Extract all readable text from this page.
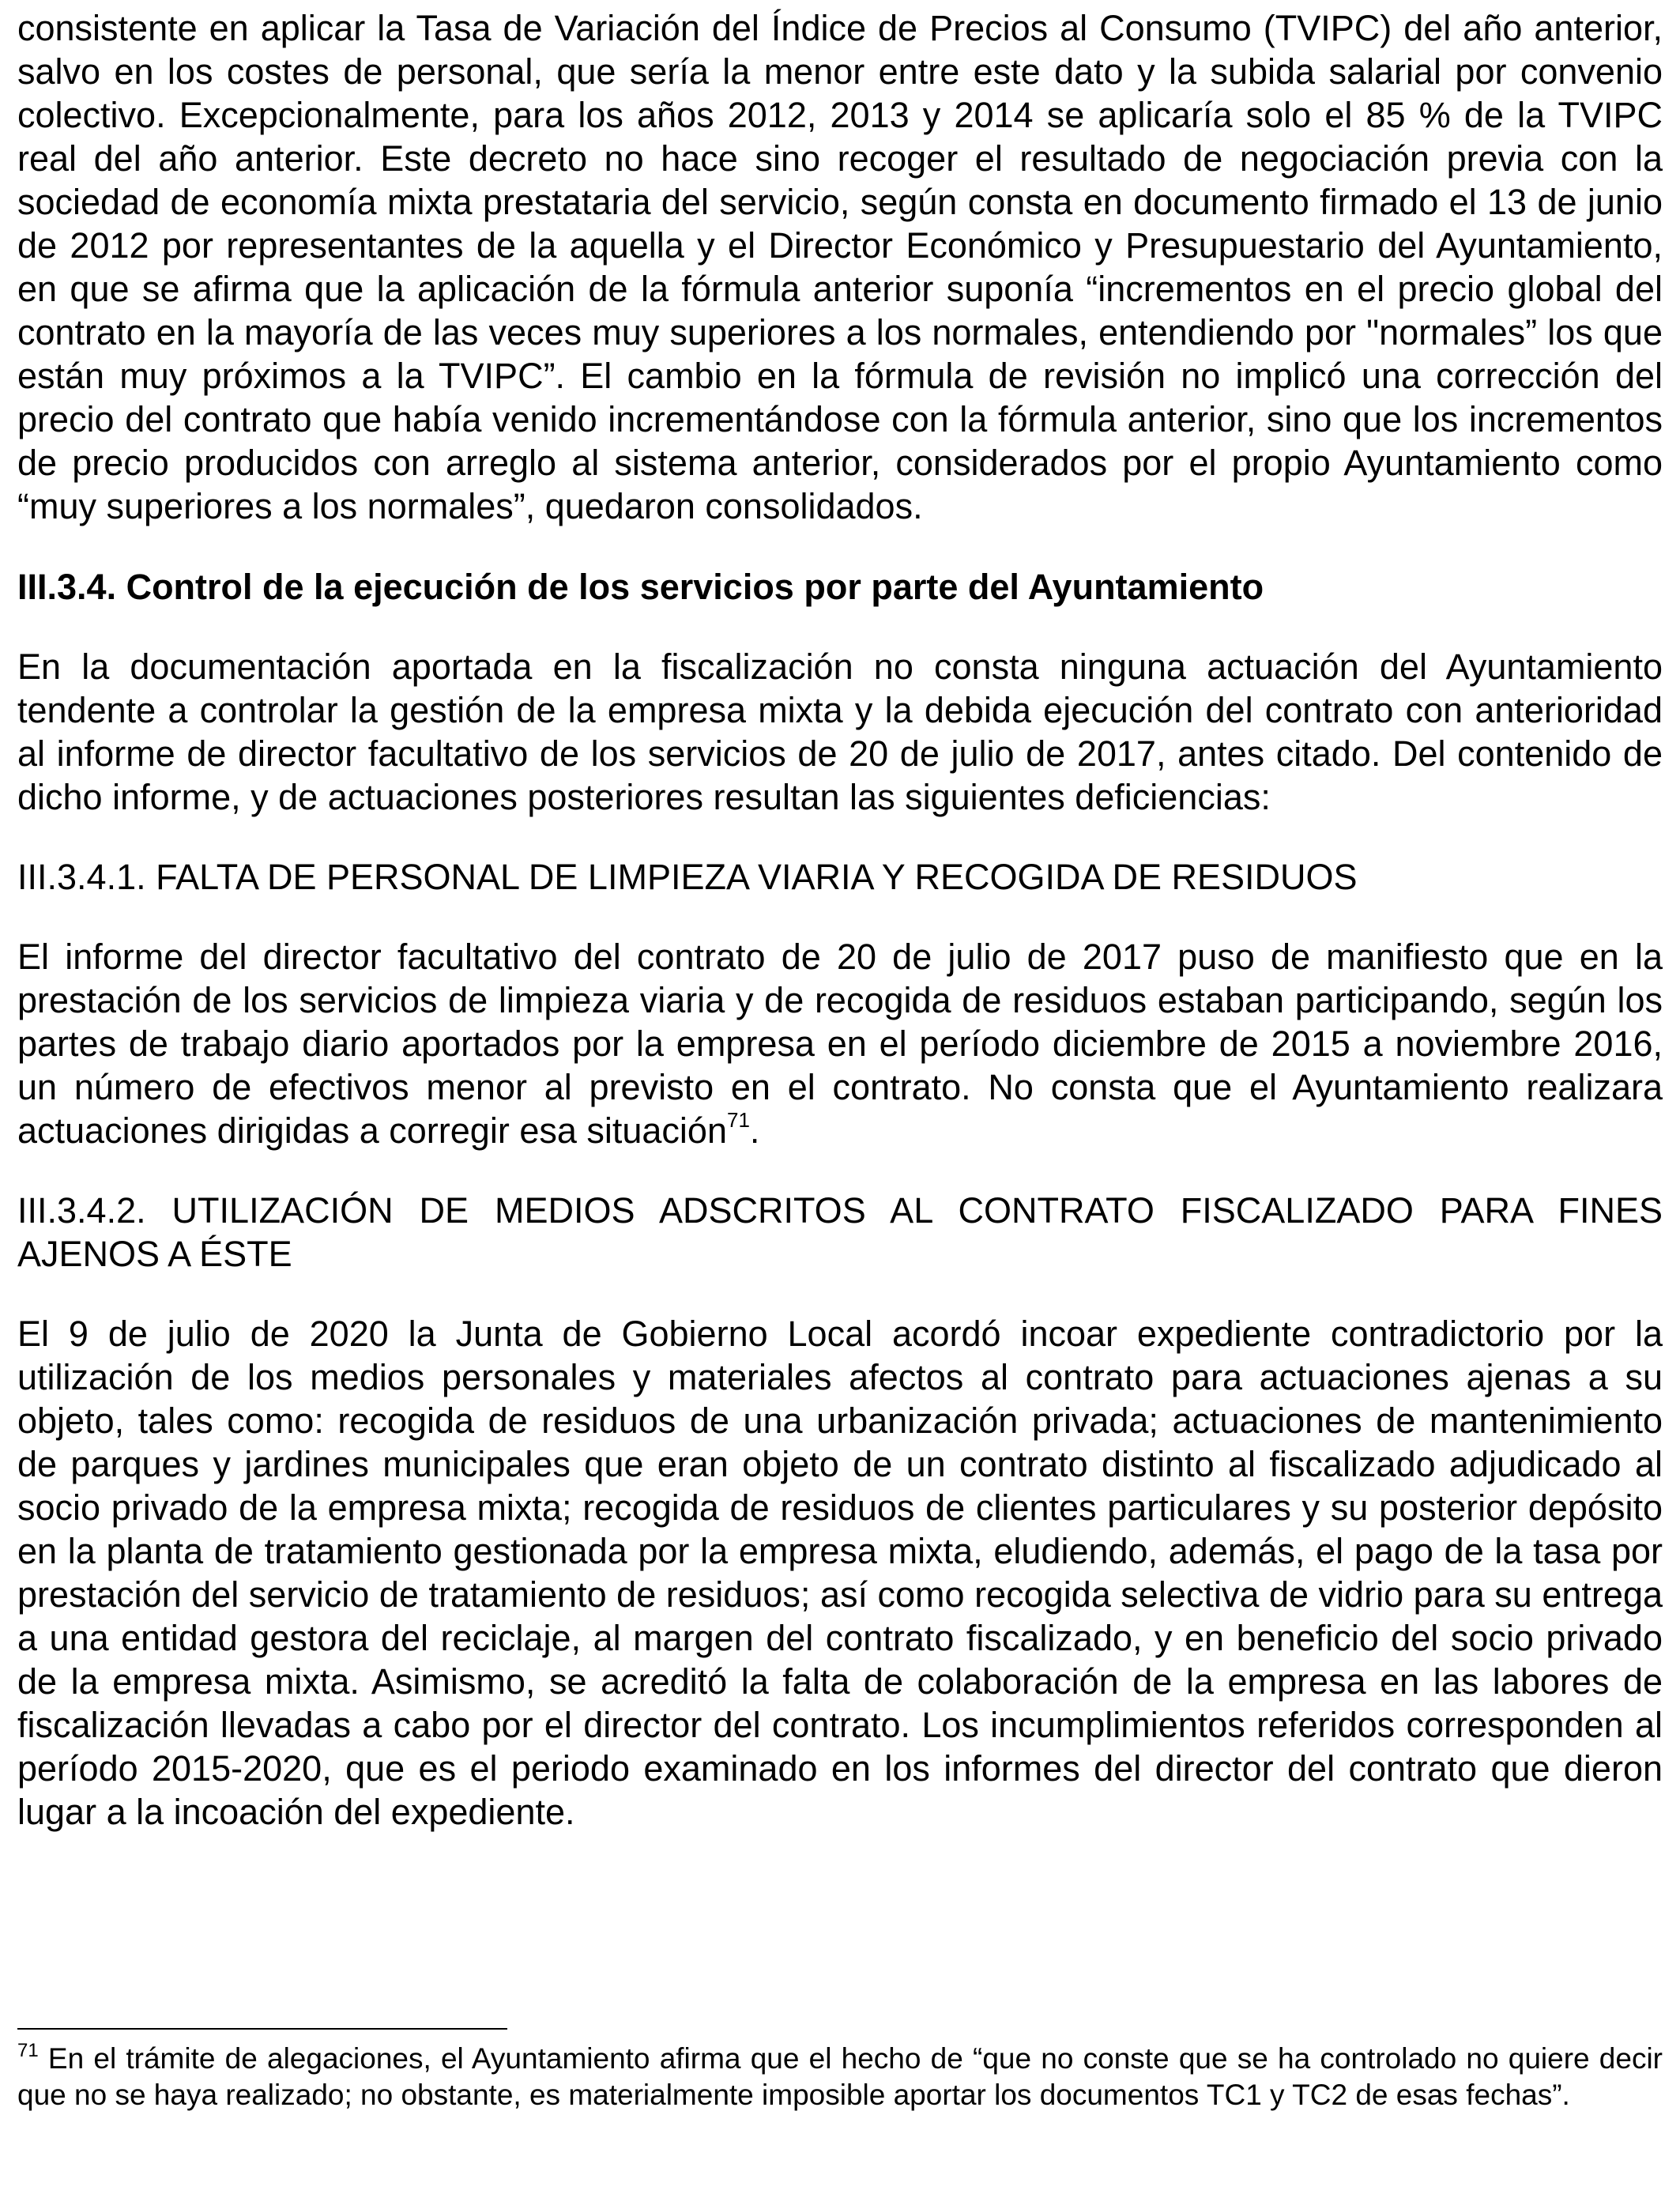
consistente en aplicar la Tasa de Variación del Índice de Precios al Consumo (TVIPC) del año anterior, salvo en los costes de personal, que sería la menor entre este dato y la subida salarial por convenio colectivo. Excepcionalmente, para los años 2012, 2013 y 2014 se aplicaría solo el 85 % de la TVIPC real del año anterior. Este decreto no hace sino recoger el resultado de negociación previa con la sociedad de economía mixta prestataria del servicio, según consta en documento firmado el 13 de junio de 2012 por representantes de la aquella y el Director Económico y Presupuestario del Ayuntamiento, en que se afirma que la aplicación de la fórmula anterior suponía “incrementos en el precio global del contrato en la mayoría de las veces muy superiores a los normales, entendiendo por "normales” los que están muy próximos a la TVIPC”. El cambio en la fórmula de revisión no implicó una corrección del precio del contrato que había venido incrementándose con la fórmula anterior, sino que los incrementos de precio producidos con arreglo al sistema anterior, considerados por el propio Ayuntamiento como “muy superiores a los normales”, quedaron consolidados.

III.3.4. Control de la ejecución de los servicios por parte del Ayuntamiento

En la documentación aportada en la fiscalización no consta ninguna actuación del Ayuntamiento tendente a controlar la gestión de la empresa mixta y la debida ejecución del contrato con anterioridad al informe de director facultativo de los servicios de 20 de julio de 2017, antes citado. Del contenido de dicho informe, y de actuaciones posteriores resultan las siguientes deficiencias:

III.3.4.1. FALTA DE PERSONAL DE LIMPIEZA VIARIA Y RECOGIDA DE RESIDUOS

El informe del director facultativo del contrato de 20 de julio de 2017 puso de manifiesto que en la prestación de los servicios de limpieza viaria y de recogida de residuos estaban participando, según los partes de trabajo diario aportados por la empresa en el período diciembre de 2015 a noviembre 2016, un número de efectivos menor al previsto en el contrato. No consta que el Ayuntamiento realizara actuaciones dirigidas a corregir esa situación$^{71}$.

III.3.4.2. UTILIZACIÓN DE MEDIOS ADSCRITOS AL CONTRATO FISCALIZADO PARA FINES AJENOS A ÉSTE

El 9 de julio de 2020 la Junta de Gobierno Local acordó incoar expediente contradictorio por la utilización de los medios personales y materiales afectos al contrato para actuaciones ajenas a su objeto, tales como: recogida de residuos de una urbanización privada; actuaciones de mantenimiento de parques y jardines municipales que eran objeto de un contrato distinto al fiscalizado adjudicado al socio privado de la empresa mixta; recogida de residuos de clientes particulares y su posterior depósito en la planta de tratamiento gestionada por la empresa mixta, eludiendo, además, el pago de la tasa por prestación del servicio de tratamiento de residuos; así como recogida selectiva de vidrio para su entrega a una entidad gestora del reciclaje, al margen del contrato fiscalizado, y en beneficio del socio privado de la empresa mixta. Asimismo, se acreditó la falta de colaboración de la empresa en las labores de fiscalización llevadas a cabo por el director del contrato. Los incumplimientos referidos corresponden al período 2015-2020, que es el periodo examinado en los informes del director del contrato que dieron lugar a la incoación del expediente.

$^{71}$ En el trámite de alegaciones, el Ayuntamiento afirma que el hecho de “que no conste que se ha controlado no quiere decir que no se haya realizado; no obstante, es materialmente imposible aportar los documentos TC1 y TC2 de esas fechas”.
